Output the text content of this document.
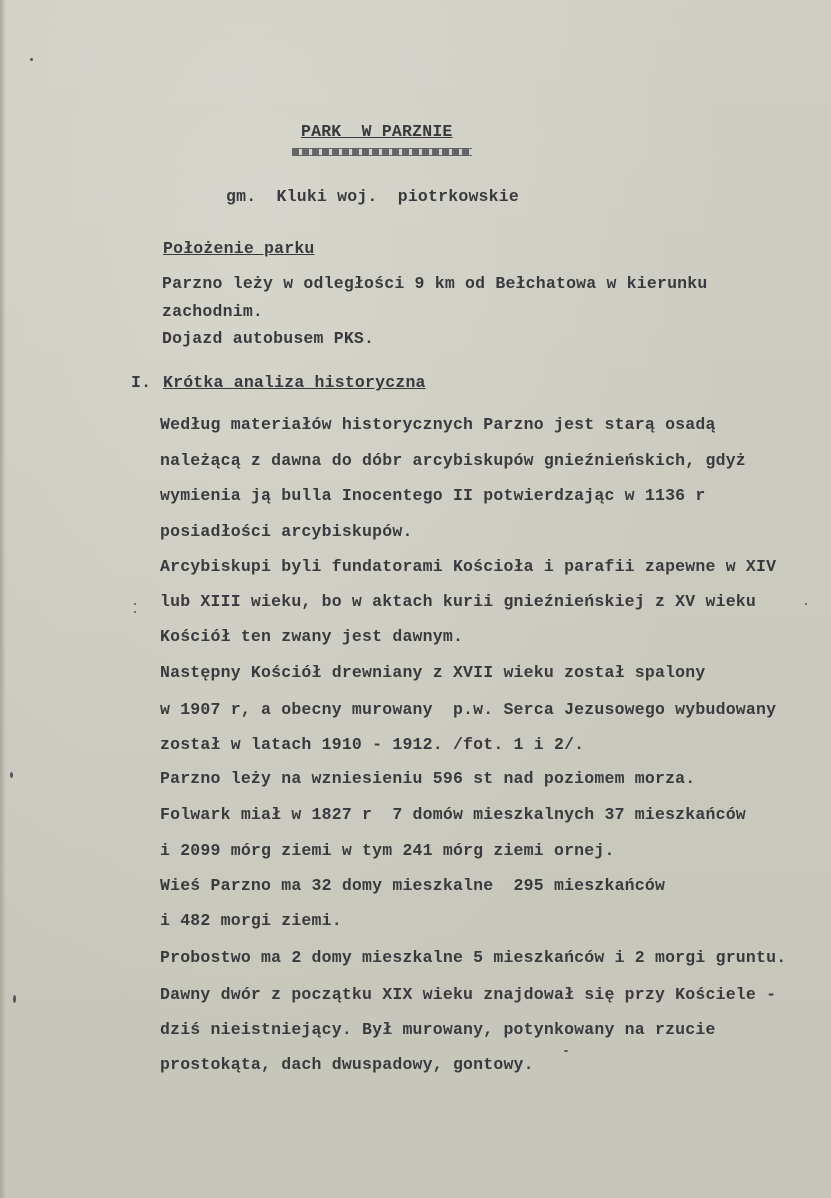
PARK  W PARZNIE
gm.  Kluki woj.  piotrkowskie
Położenie parku
Parzno leży w odległości 9 km od Bełchatowa w kierunku
zachodnim.
Dojazd autobusem PKS.
I. Krótka analiza historyczna
Według materiałów historycznych Parzno jest starą osadą
należącą z dawna do dóbr arcybiskupów gnieźnieńskich, gdyż
wymienia ją bulla Inocentego II potwierdzając w 1136 r
posiadłości arcybiskupów.
Arcybiskupi byli fundatorami Kościoła i parafii zapewne w XIV
lub XIII wieku, bo w aktach kurii gnieźnieńskiej z XV wieku
Kościół ten zwany jest dawnym.
Następny Kościół drewniany z XVII wieku został spalony
w 1907 r, a obecny murowany  p.w. Serca Jezusowego wybudowany
został w latach 1910 - 1912. /fot. 1 i 2/.
Parzno leży na wzniesieniu 596 st nad poziomem morza.
Folwark miał w 1827 r  7 domów mieszkalnych 37 mieszkańców
i 2099 mórg ziemi w tym 241 mórg ziemi ornej.
Wieś Parzno ma 32 domy mieszkalne  295 mieszkańców
i 482 morgi ziemi.
Probostwo ma 2 domy mieszkalne 5 mieszkańców i 2 morgi gruntu.
Dawny dwór z początku XIX wieku znajdował się przy Kościele -
dziś nieistniejący. Był murowany, potynkowany na rzucie
prostokąta, dach dwuspadowy, gontowy.
